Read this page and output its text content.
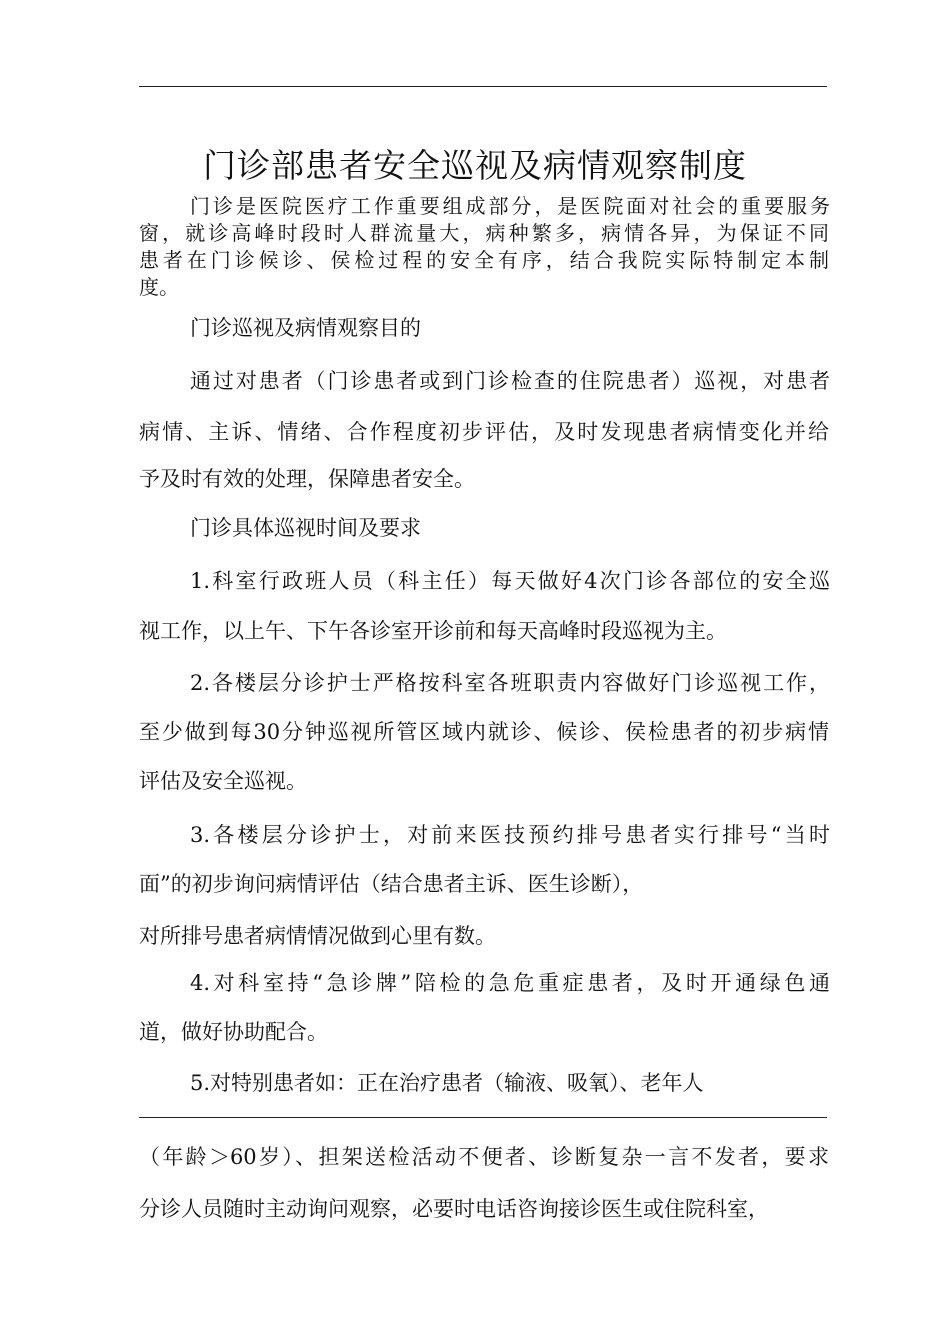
门诊部患者安全巡视及病情观察制度
门诊是医院医疗工作重要组成部分，是医院面对社会的重要服务
窗，就诊高峰时段时人群流量大，病种繁多，病情各异，为保证不同
患者在门诊候诊、侯检过程的安全有序，结合我院实际特制定本制
度。
门诊巡视及病情观察目的
通过对患者（门诊患者或到门诊检查的住院患者）巡视，对患者
病情、主诉、情绪、合作程度初步评估，及时发现患者病情变化并给
予及时有效的处理，保障患者安全。
门诊具体巡视时间及要求
1.科室行政班人员（科主任）每天做好4次门诊各部位的安全巡
视工作，以上午、下午各诊室开诊前和每天高峰时段巡视为主。
2.各楼层分诊护士严格按科室各班职责内容做好门诊巡视工作，
至少做到每30分钟巡视所管区域内就诊、候诊、侯检患者的初步病情
评估及安全巡视。
3.各楼层分诊护士，对前来医技预约排号患者实行排号“当时
面”的初步询问病情评估（结合患者主诉、医生诊断），
对所排号患者病情情况做到心里有数。
4.对科室持“急诊牌”陪检的急危重症患者，及时开通绿色通
道，做好协助配合。
5.对特别患者如：正在治疗患者（输液、吸氧）、老年人
（年龄＞60岁）、担架送检活动不便者、诊断复杂一言不发者，要求
分诊人员随时主动询问观察，必要时电话咨询接诊医生或住院科室，
